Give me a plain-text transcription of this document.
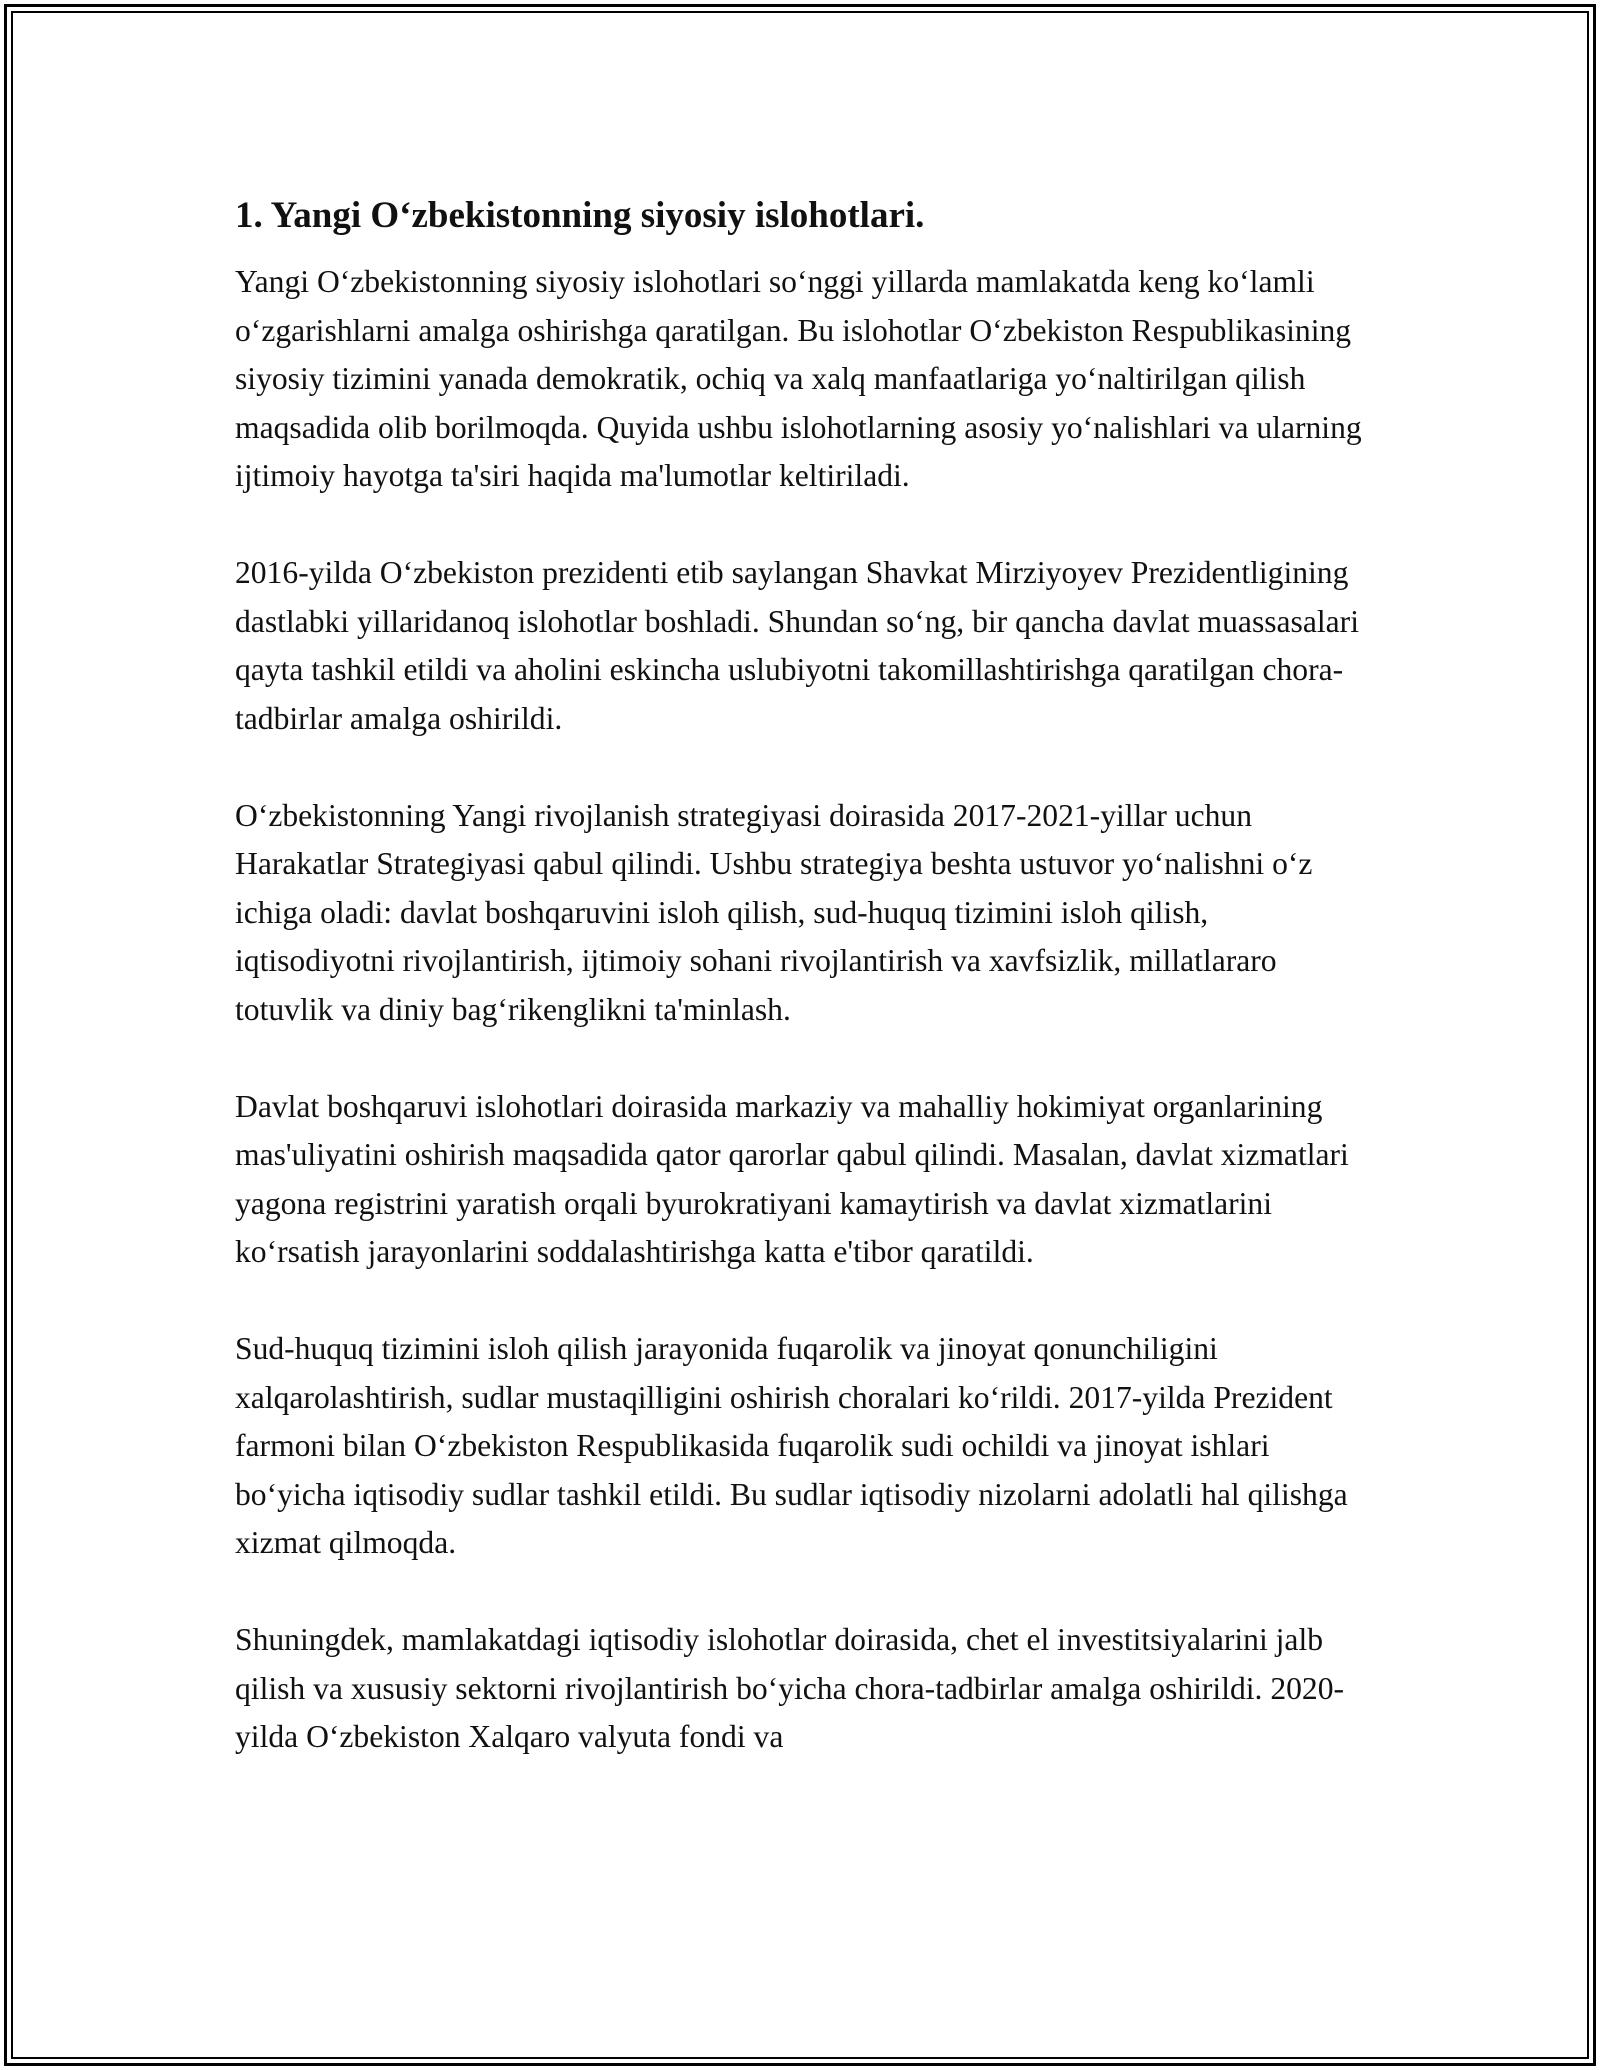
1. Yangi O‘zbekistonning siyosiy islohotlari.

Yangi O‘zbekistonning siyosiy islohotlari so‘nggi yillarda mamlakatda keng ko‘lamli o‘zgarishlarni amalga oshirishga qaratilgan. Bu islohotlar O‘zbekiston Respublikasining siyosiy tizimini yanada demokratik, ochiq va xalq manfaatlariga yo‘naltirilgan qilish maqsadida olib borilmoqda. Quyida ushbu islohotlarning asosiy yo‘nalishlari va ularning ijtimoiy hayotga ta'siri haqida ma'lumotlar keltiriladi.

2016-yilda O‘zbekiston prezidenti etib saylangan Shavkat Mirziyoyev Prezidentligining dastlabki yillaridanoq islohotlar boshladi. Shundan so‘ng, bir qancha davlat muassasalari qayta tashkil etildi va aholini eskincha uslubiyotni takomillashtirishga qaratilgan chora-tadbirlar amalga oshirildi.

O‘zbekistonning Yangi rivojlanish strategiyasi doirasida 2017-2021-yillar uchun Harakatlar Strategiyasi qabul qilindi. Ushbu strategiya beshta ustuvor yo‘nalishni o‘z ichiga oladi: davlat boshqaruvini isloh qilish, sud-huquq tizimini isloh qilish, iqtisodiyotni rivojlantirish, ijtimoiy sohani rivojlantirish va xavfsizlik, millatlararo totuvlik va diniy bag‘rikenglikni ta'minlash.

Davlat boshqaruvi islohotlari doirasida markaziy va mahalliy hokimiyat organlarining mas'uliyatini oshirish maqsadida qator qarorlar qabul qilindi. Masalan, davlat xizmatlari yagona registrini yaratish orqali byurokratiyani kamaytirish va davlat xizmatlarini ko‘rsatish jarayonlarini soddalashtirishga katta e'tibor qaratildi.

Sud-huquq tizimini isloh qilish jarayonida fuqarolik va jinoyat qonunchiligini xalqarolashtirish, sudlar mustaqilligini oshirish choralari ko‘rildi. 2017-yilda Prezident farmoni bilan O‘zbekiston Respublikasida fuqarolik sudi ochildi va jinoyat ishlari bo‘yicha iqtisodiy sudlar tashkil etildi. Bu sudlar iqtisodiy nizolarni adolatli hal qilishga xizmat qilmoqda.

Shuningdek, mamlakatdagi iqtisodiy islohotlar doirasida, chet el investitsiyalarini jalb qilish va xususiy sektorni rivojlantirish bo‘yicha chora-tadbirlar amalga oshirildi. 2020-yilda O‘zbekiston Xalqaro valyuta fondi va
